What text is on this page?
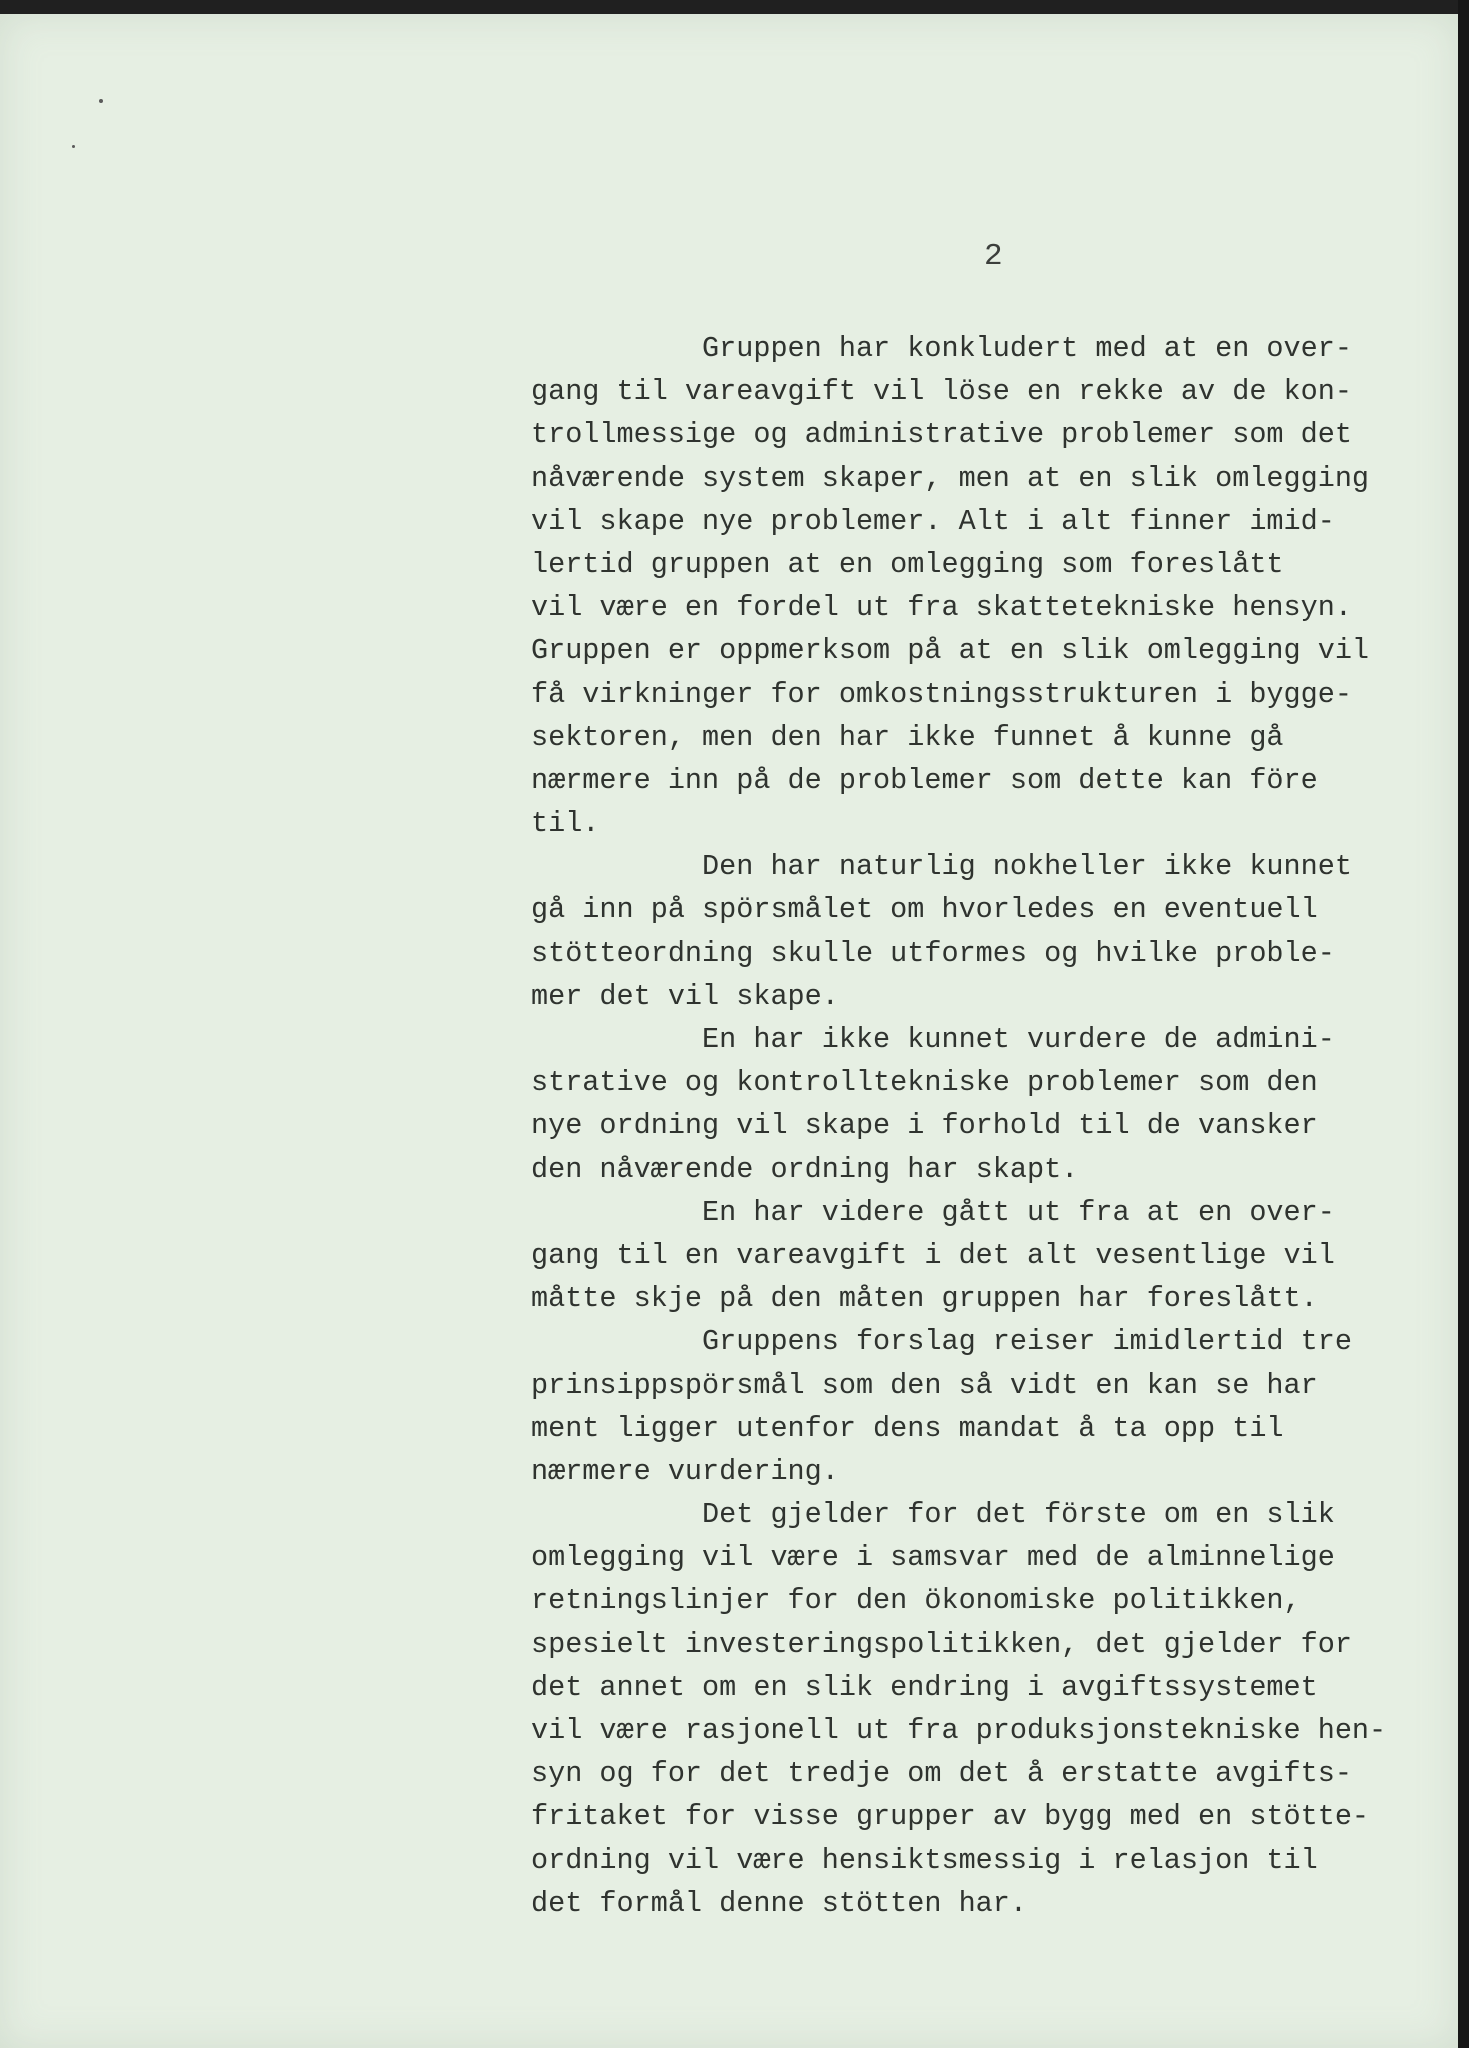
2
Gruppen har konkludert med at en over-
gang til vareavgift vil löse en rekke av de kon-
trollmessige og administrative problemer som det
nåværende system skaper, men at en slik omlegging
vil skape nye problemer. Alt i alt finner imid-
lertid gruppen at en omlegging som foreslått
vil være en fordel ut fra skattetekniske hensyn.
Gruppen er oppmerksom på at en slik omlegging vil
få virkninger for omkostningsstrukturen i bygge-
sektoren, men den har ikke funnet å kunne gå
nærmere inn på de problemer som dette kan före
til.
Den har naturlig nokheller ikke kunnet
gå inn på spörsmålet om hvorledes en eventuell
stötteordning skulle utformes og hvilke proble-
mer det vil skape.
En har ikke kunnet vurdere de admini-
strative og kontrolltekniske problemer som den
nye ordning vil skape i forhold til de vansker
den nåværende ordning har skapt.
En har videre gått ut fra at en over-
gang til en vareavgift i det alt vesentlige vil
måtte skje på den måten gruppen har foreslått.
Gruppens forslag reiser imidlertid tre
prinsippspörsmål som den så vidt en kan se har
ment ligger utenfor dens mandat å ta opp til
nærmere vurdering.
Det gjelder for det förste om en slik
omlegging vil være i samsvar med de alminnelige
retningslinjer for den ökonomiske politikken,
spesielt investeringspolitikken, det gjelder for
det annet om en slik endring i avgiftssystemet
vil være rasjonell ut fra produksjonstekniske hen-
syn og for det tredje om det å erstatte avgifts-
fritaket for visse grupper av bygg med en stötte-
ordning vil være hensiktsmessig i relasjon til
det formål denne stötten har.
